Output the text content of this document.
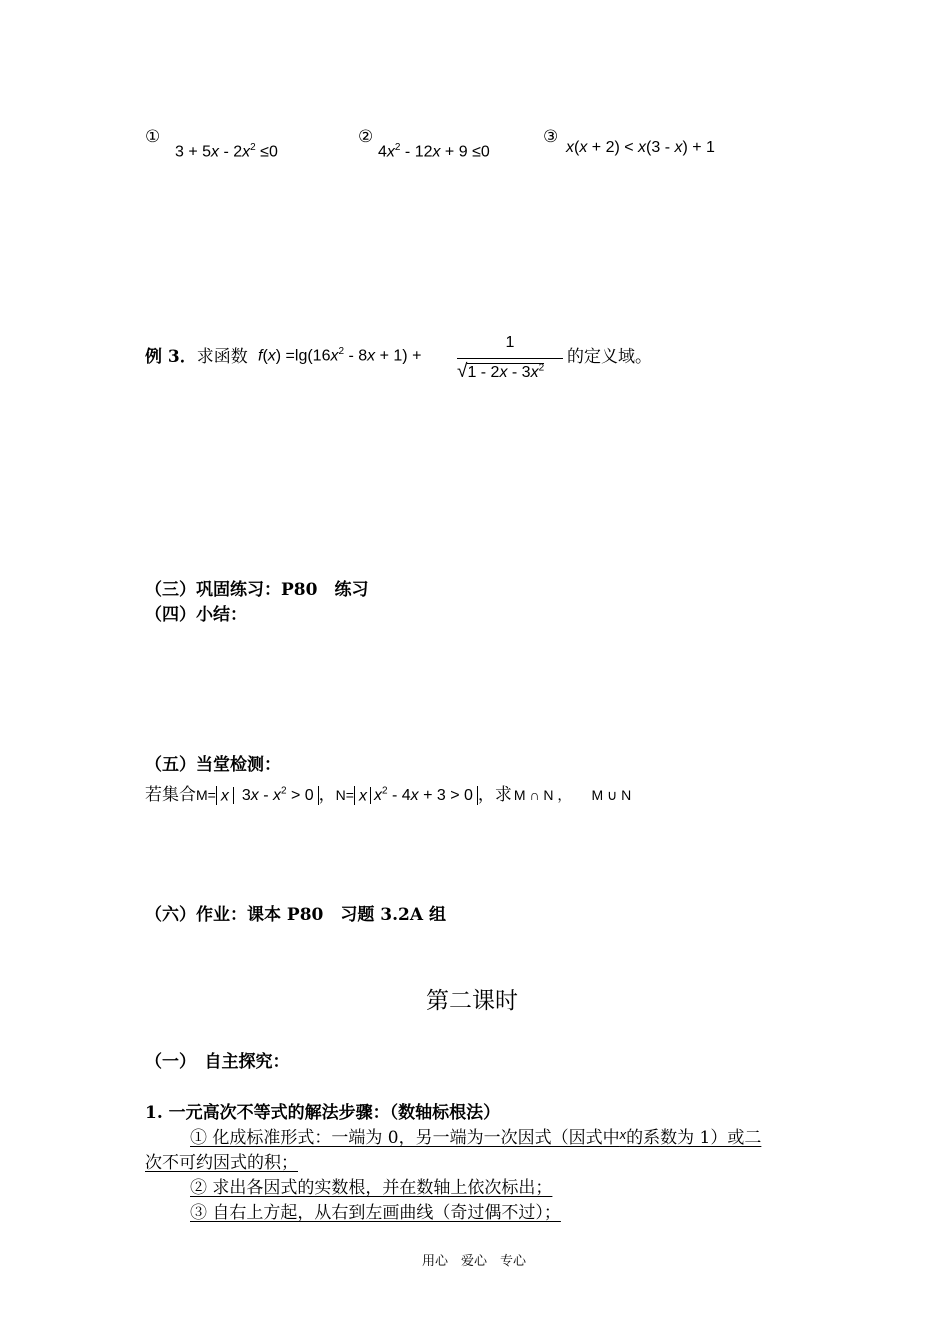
①
$3 + 5x - 2x^2 \le 0$
②
$4x^2 - 12x + 9 \le 0$
③
x(x + 2) < x(3 - x) + 1
例 3．求函数 $f(x) =\lg(16x^2 - 8x + 1)$ +
1
$√1 - 2x - 3x^2$
的定义域。
（三）巩固练习：P80　练习
（四）小结：
（五）当堂检测：
若集合M= x $3x - x^2 > 0$ ，N= x $x^2 - 4x + 3 > 0$ ，求 M ∩ N ， M ∪ N
（六）作业：课本 P80　习题 3.2A 组
第二课时
（一）　自主探究：
1. 一元高次不等式的解法步骤：（数轴标根法）
① 化成标准形式：一端为 0，另一端为一次因式（因式中$^x$的系数为 1）或二
次不可约因式的积；
② 求出各因式的实数根，并在数轴上依次标出；
③ 自右上方起，从右到左画曲线（奇过偶不过）；
用心　爱心　专心
